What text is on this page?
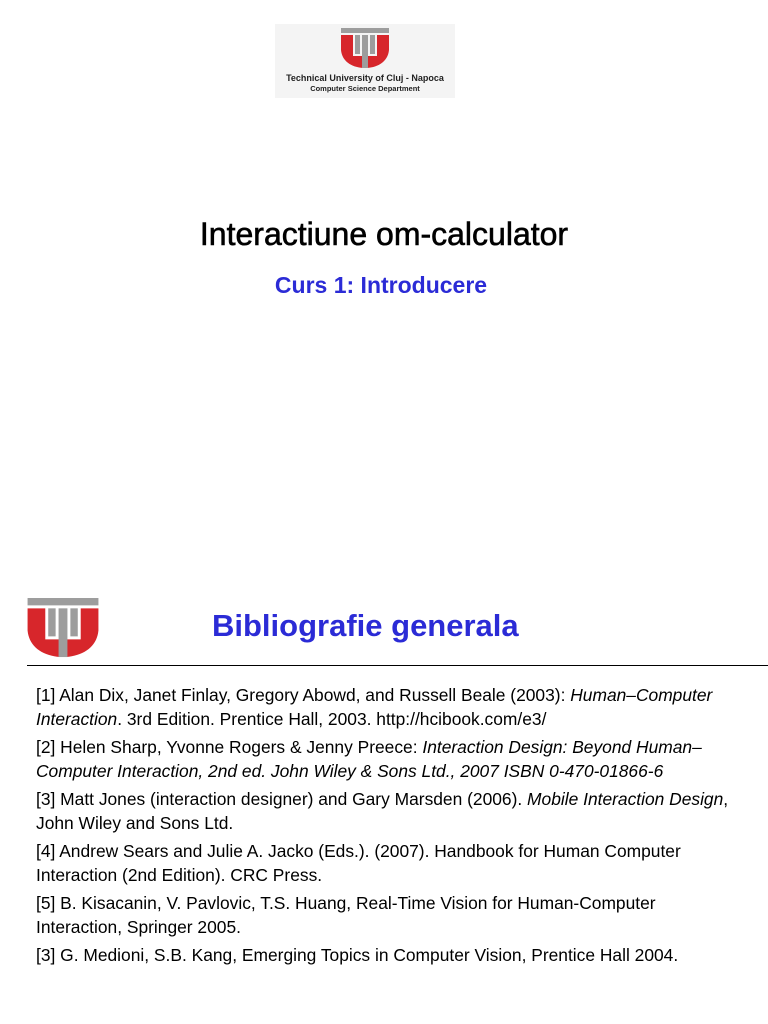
Technical University of Cluj - Napoca
Computer Science Department
Interactiune om-calculator
Curs 1: Introducere
Bibliografie generala
[1] Alan Dix, Janet Finlay, Gregory Abowd, and Russell Beale (2003): Human–Computer Interaction. 3rd Edition. Prentice Hall, 2003. http://hcibook.com/e3/
[2] Helen Sharp, Yvonne Rogers & Jenny Preece: Interaction Design: Beyond Human–Computer Interaction, 2nd ed. John Wiley & Sons Ltd., 2007 ISBN 0-470-01866-6
[3] Matt Jones (interaction designer) and Gary Marsden (2006). Mobile Interaction Design, John Wiley and Sons Ltd.
[4] Andrew Sears and Julie A. Jacko (Eds.). (2007). Handbook for Human Computer Interaction (2nd Edition). CRC Press.
[5] B. Kisacanin, V. Pavlovic, T.S. Huang, Real-Time Vision for Human-Computer Interaction, Springer 2005.
[3] G. Medioni, S.B. Kang, Emerging Topics in Computer Vision, Prentice Hall 2004.
